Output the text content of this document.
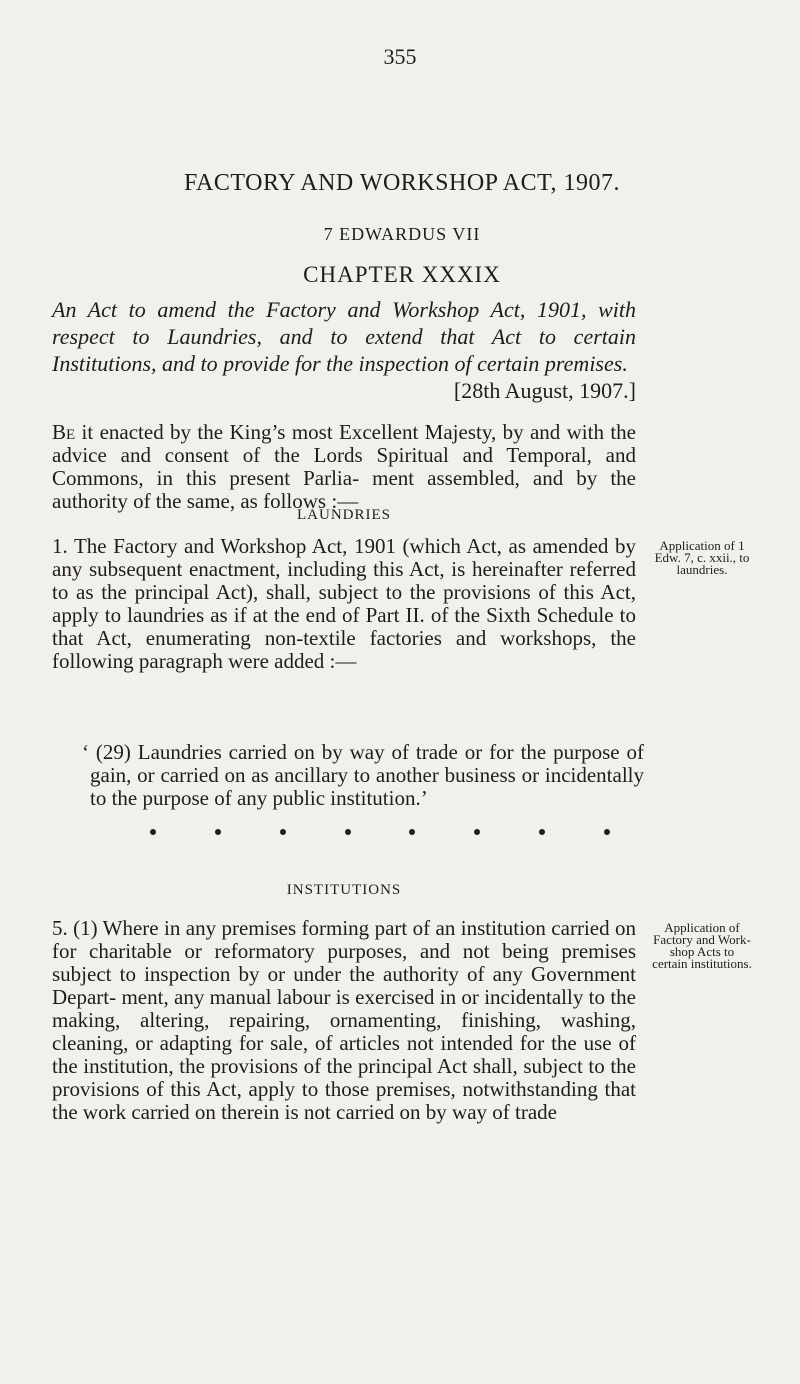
355
FACTORY AND WORKSHOP ACT, 1907.
7 EDWARDUS VII
CHAPTER XXXIX
An Act to amend the Factory and Workshop Act, 1901, with respect to Laundries, and to extend that Act to certain Institutions, and to provide for the inspection of certain premises.
[28th August, 1907.]
Be it enacted by the King’s most Excellent Majesty, by and with the advice and consent of the Lords Spiritual and Temporal, and Commons, in this present Parlia- ment assembled, and by the authority of the same, as follows :—
LAUNDRIES
1. The Factory and Workshop Act, 1901 (which Act, as amended by any subsequent enactment, including this Act, is hereinafter referred to as the principal Act), shall, subject to the provisions of this Act, apply to laundries as if at the end of Part II. of the Sixth Schedule to that Act, enumerating non-textile factories and workshops, the following paragraph were added :—
Application of 1 Edw. 7, c. xxii., to laundries.
‘ (29) Laundries carried on by way of trade or for the purpose of gain, or carried on as ancillary to another business or incidentally to the purpose of any public institution.’
INSTITUTIONS
5. (1) Where in any premises forming part of an institution carried on for charitable or reformatory purposes, and not being premises subject to inspection by or under the authority of any Government Depart- ment, any manual labour is exercised in or incidentally to the making, altering, repairing, ornamenting, finishing, washing, cleaning, or adapting for sale, of articles not intended for the use of the institution, the provisions of the principal Act shall, subject to the provisions of this Act, apply to those premises, notwithstanding that the work carried on therein is not carried on by way of trade
Application of Factory and Work- shop Acts to certain institutions.
